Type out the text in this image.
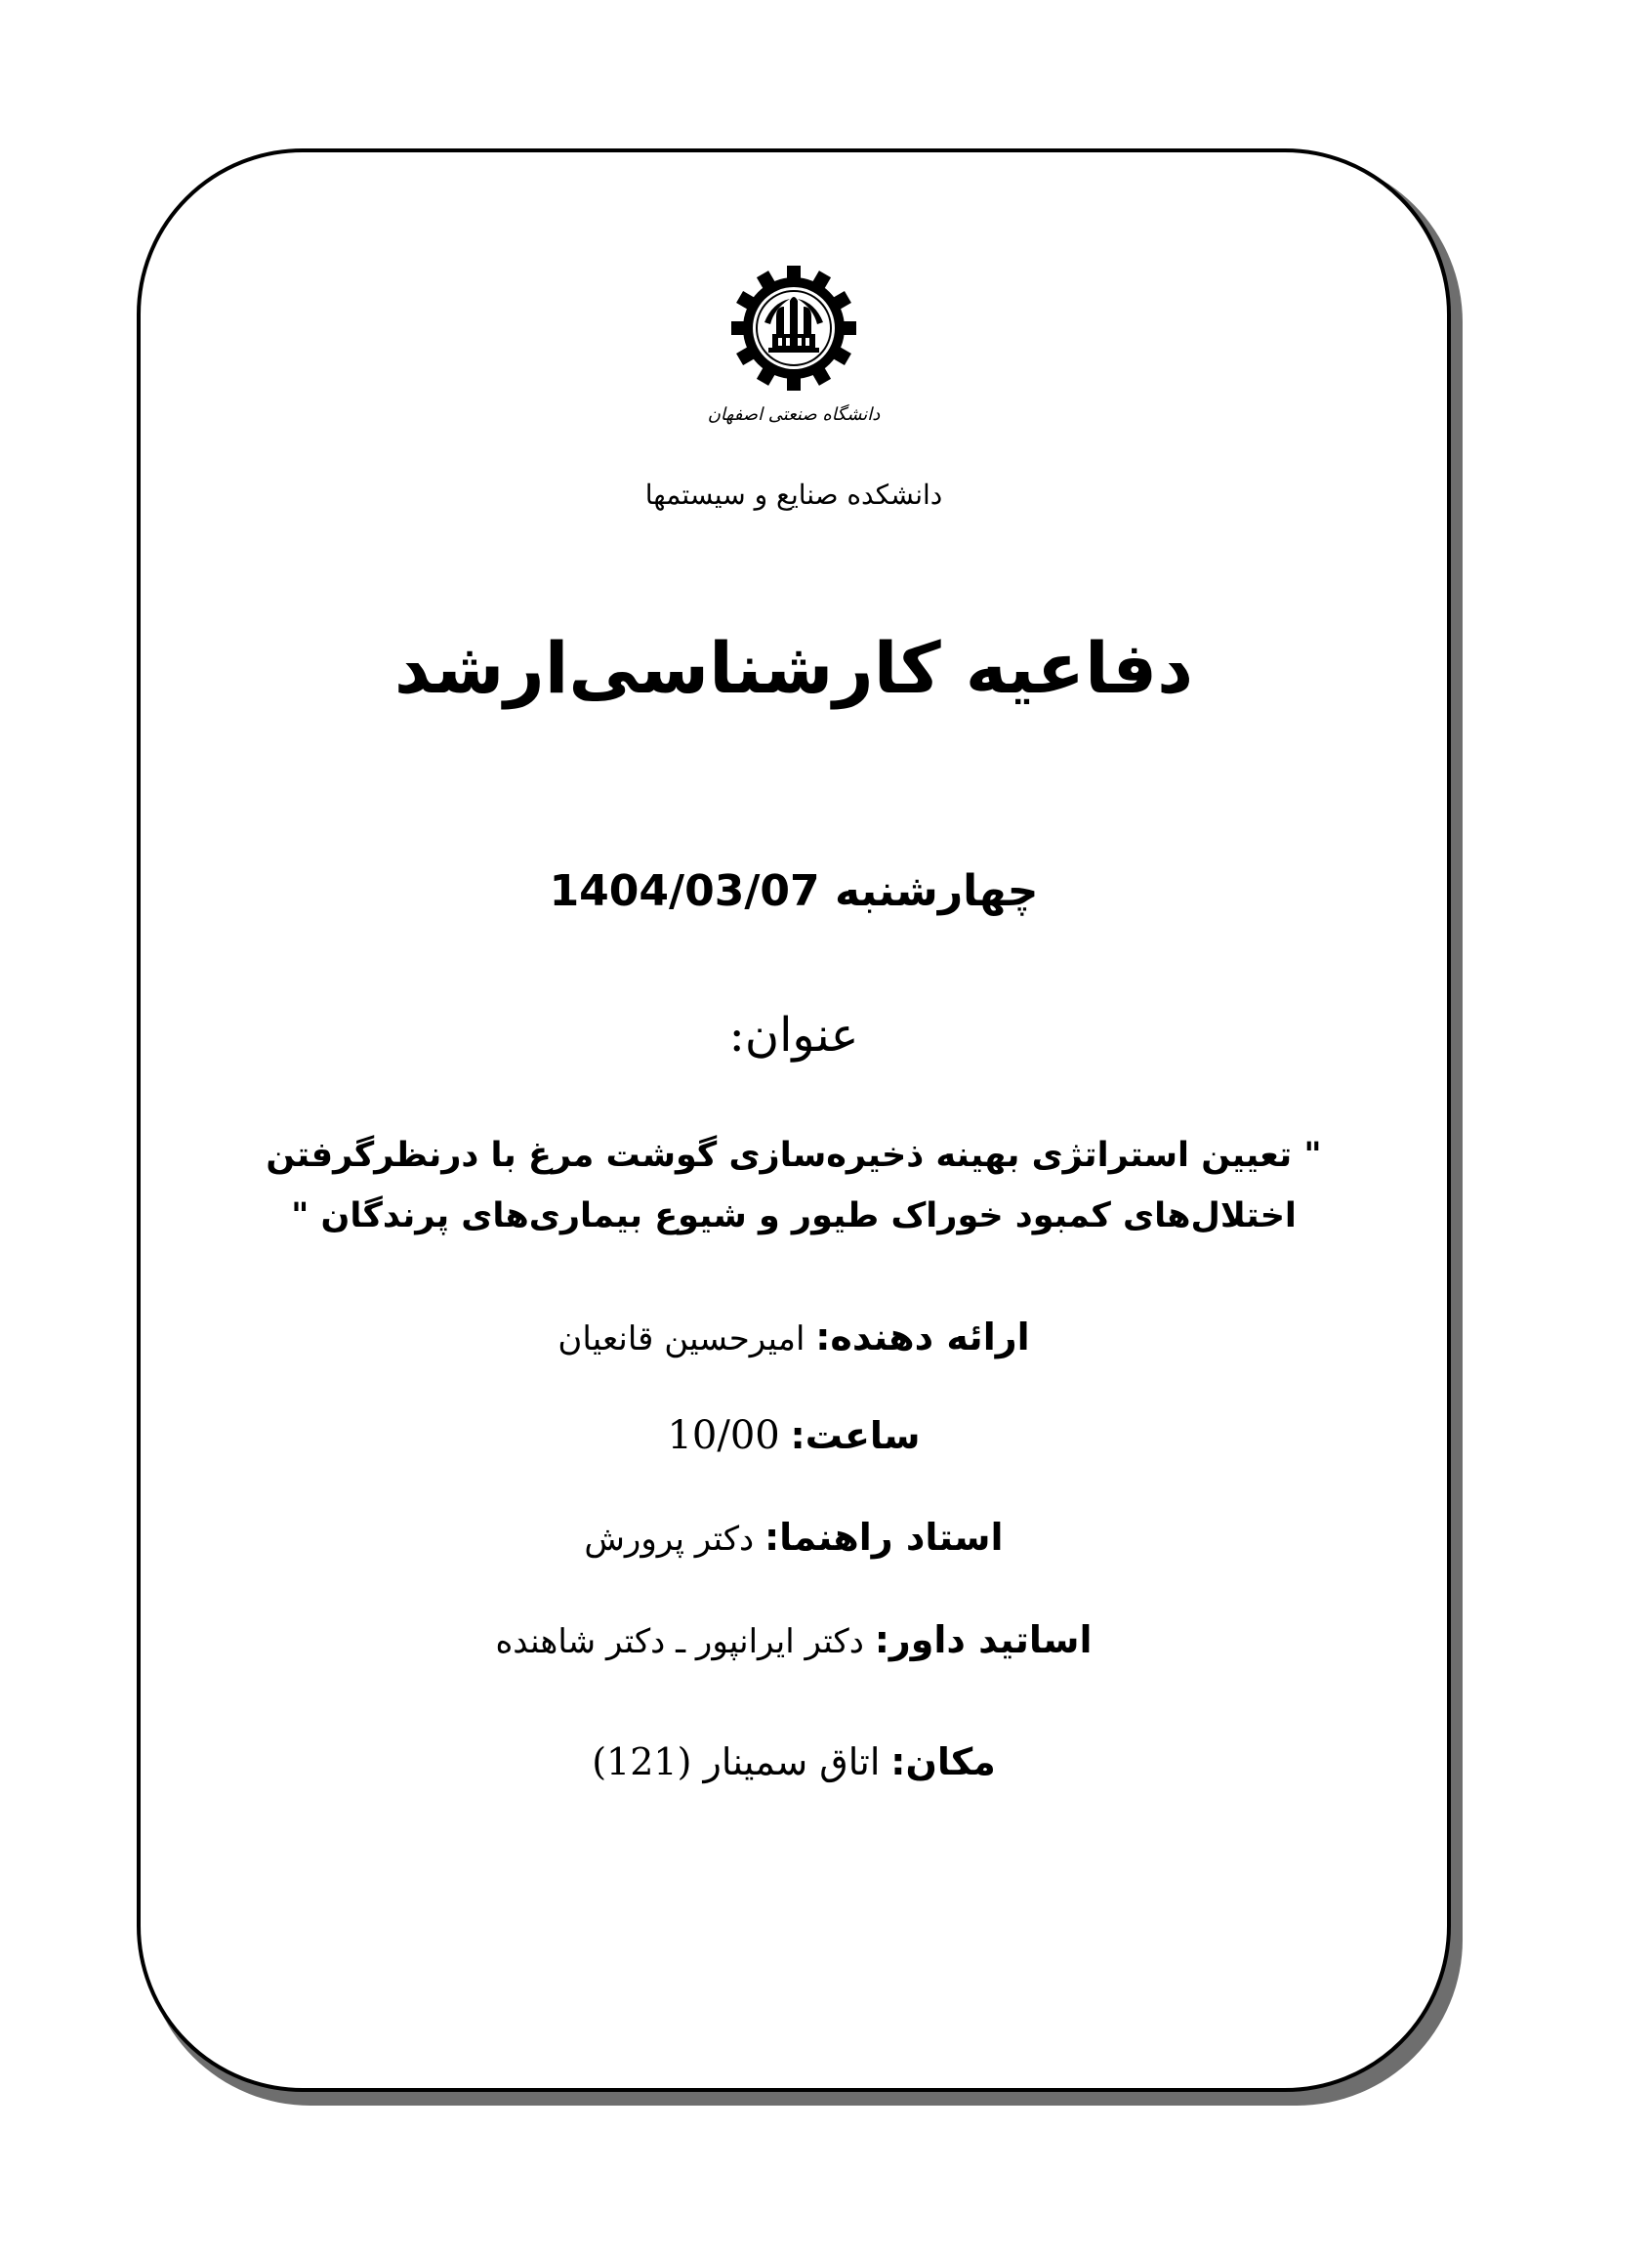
دانشگاه صنعتی اصفهان
دانشکده صنایع و سیستمها
دفاعیه کارشناسی‌ارشد
چهارشنبه 1404/03/07
عنوان:
" تعیین استراتژی بهینه ذخیره‌سازی گوشت مرغ با درنظرگرفتن
اختلال‌های کمبود خوراک طیور و شیوع بیماری‌های پرندگان "
ارائه دهنده: امیرحسین قانعیان
ساعت: 10/00
استاد راهنما: دکتر پرورش
اساتید داور: دکتر ایرانپور ـ دکتر شاهنده
مکان: اتاق سمینار (121)
